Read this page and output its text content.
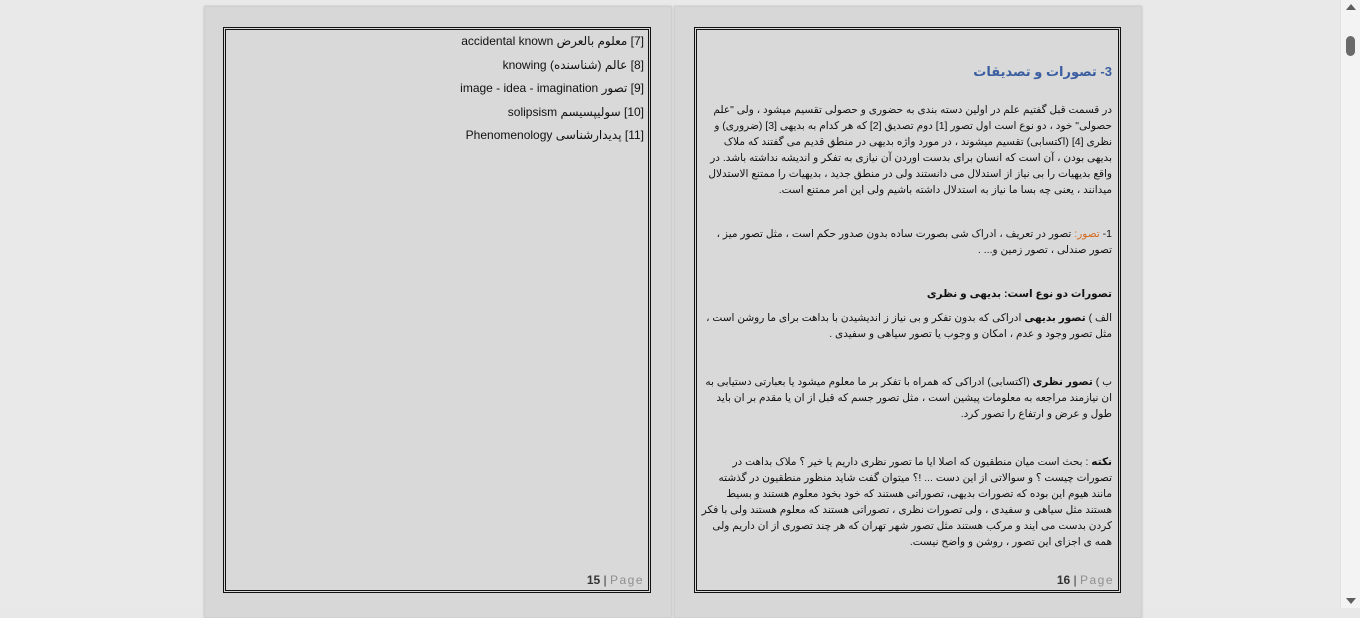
[7] معلوم بالعرض accidental known
[8] عالم (شناسنده) knowing
[9] تصور image - idea - imagination
[10] سولیپسیسم solipsism
[11] پدیدارشناسی Phenomenology
15 | Page

3- تصورات و تصدیقات

در قسمت قبل گفتیم علم در اولین دسته بندی به حضوری و حصولی تقسیم میشود ، ولی "علم حصولی" خود ، دو نوع است اول تصور [1] دوم تصدیق [2] که هر کدام به بدیهی [3] (ضروری) و نظری [4] (اکتسابی) تقسیم میشوند ، در مورد واژه بدیهی در منطق قدیم می گفتند که ملاک بدیهی بودن ، آن است که انسان برای بدست اوردن آن نیازی به تفکر و اندیشه نداشته باشد. در واقع بدیهیات را بی نیاز از استدلال می دانستند ولی در منطق جدید ، بدیهیات را ممتنع الاستدلال میدانند ، یعنی چه بسا ما نیاز به استدلال داشته باشیم ولی این امر ممتنع است.

1- تصور: تصور در تعریف ، ادراک شی بصورت ساده بدون صدور حکم است ، مثل تصور میز ، تصور صندلی ، تصور زمین و... .

تصورات دو نوع است: بدیهی و نظری

الف ) تصور بدیهی ادراکی که بدون تفکر و بی نیاز ز اندیشیدن با بداهت برای ما روشن است ، مثل تصور وجود و عدم ، امکان و وجوب یا تصور سیاهی و سفیدی .

ب ) تصور نظری (اکتسابی) ادراکی که همراه با تفکر بر ما معلوم میشود یا بعبارتی دستیابی به ان نیازمند مراجعه به معلومات پیشین است ، مثل تصور جسم که قبل از ان یا مقدم بر ان باید طول و عرض و ارتفاع را تصور کرد.

نکته : بحث است میان منطقیون که اصلا ایا ما تصور نظری داریم یا خیر ؟ ملاک بداهت در تصورات چیست ؟ و سوالاتی از این دست ... !؟ میتوان گفت شاید منظور منطقیون در گذشته مانند هیوم این بوده که تصورات بدیهی، تصوراتی هستند که خود بخود معلوم هستند و بسیط هستند مثل سیاهی و سفیدی ، ولی تصورات نظری ، تصوراتی هستند که معلوم هستند ولی با فکر کردن بدست می ایند و مرکب هستند مثل تصور شهر تهران که هر چند تصوری از ان داریم ولی همه ی اجزای این تصور ، روشن و واضح نیست.

16 | Page
